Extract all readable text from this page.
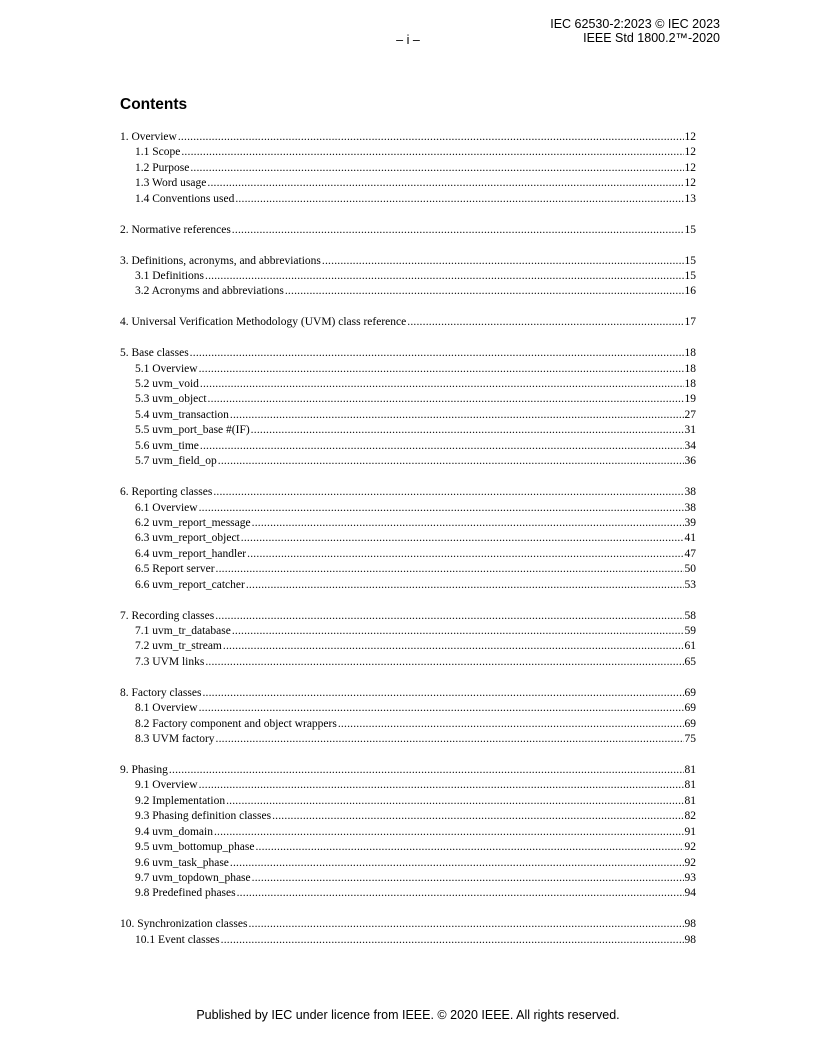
IEC 62530-2:2023 © IEC 2023
IEEE Std 1800.2™-2020
– i –
Contents
1. Overview .....	12
1.1 Scope .....	12
1.2 Purpose .....	12
1.3 Word usage .....	12
1.4 Conventions used .....	13
2. Normative references .....	15
3. Definitions, acronyms, and abbreviations .....	15
3.1 Definitions .....	15
3.2 Acronyms and abbreviations .....	16
4. Universal Verification Methodology (UVM) class reference .....	17
5. Base classes .....	18
5.1 Overview .....	18
5.2 uvm_void .....	18
5.3 uvm_object .....	19
5.4 uvm_transaction .....	27
5.5 uvm_port_base #(IF) .....	31
5.6 uvm_time .....	34
5.7 uvm_field_op .....	36
6. Reporting classes .....	38
6.1 Overview .....	38
6.2 uvm_report_message .....	39
6.3 uvm_report_object .....	41
6.4 uvm_report_handler .....	47
6.5 Report server .....	50
6.6 uvm_report_catcher .....	53
7. Recording classes .....	58
7.1 uvm_tr_database .....	59
7.2 uvm_tr_stream .....	61
7.3 UVM links .....	65
8. Factory classes .....	69
8.1 Overview .....	69
8.2 Factory component and object wrappers .....	69
8.3 UVM factory .....	75
9. Phasing .....	81
9.1 Overview .....	81
9.2 Implementation .....	81
9.3 Phasing definition classes .....	82
9.4 uvm_domain .....	91
9.5 uvm_bottomup_phase .....	92
9.6 uvm_task_phase .....	92
9.7 uvm_topdown_phase .....	93
9.8 Predefined phases .....	94
10. Synchronization classes .....	98
10.1 Event classes .....	98
Published by IEC under licence from IEEE. © 2020 IEEE. All rights reserved.
